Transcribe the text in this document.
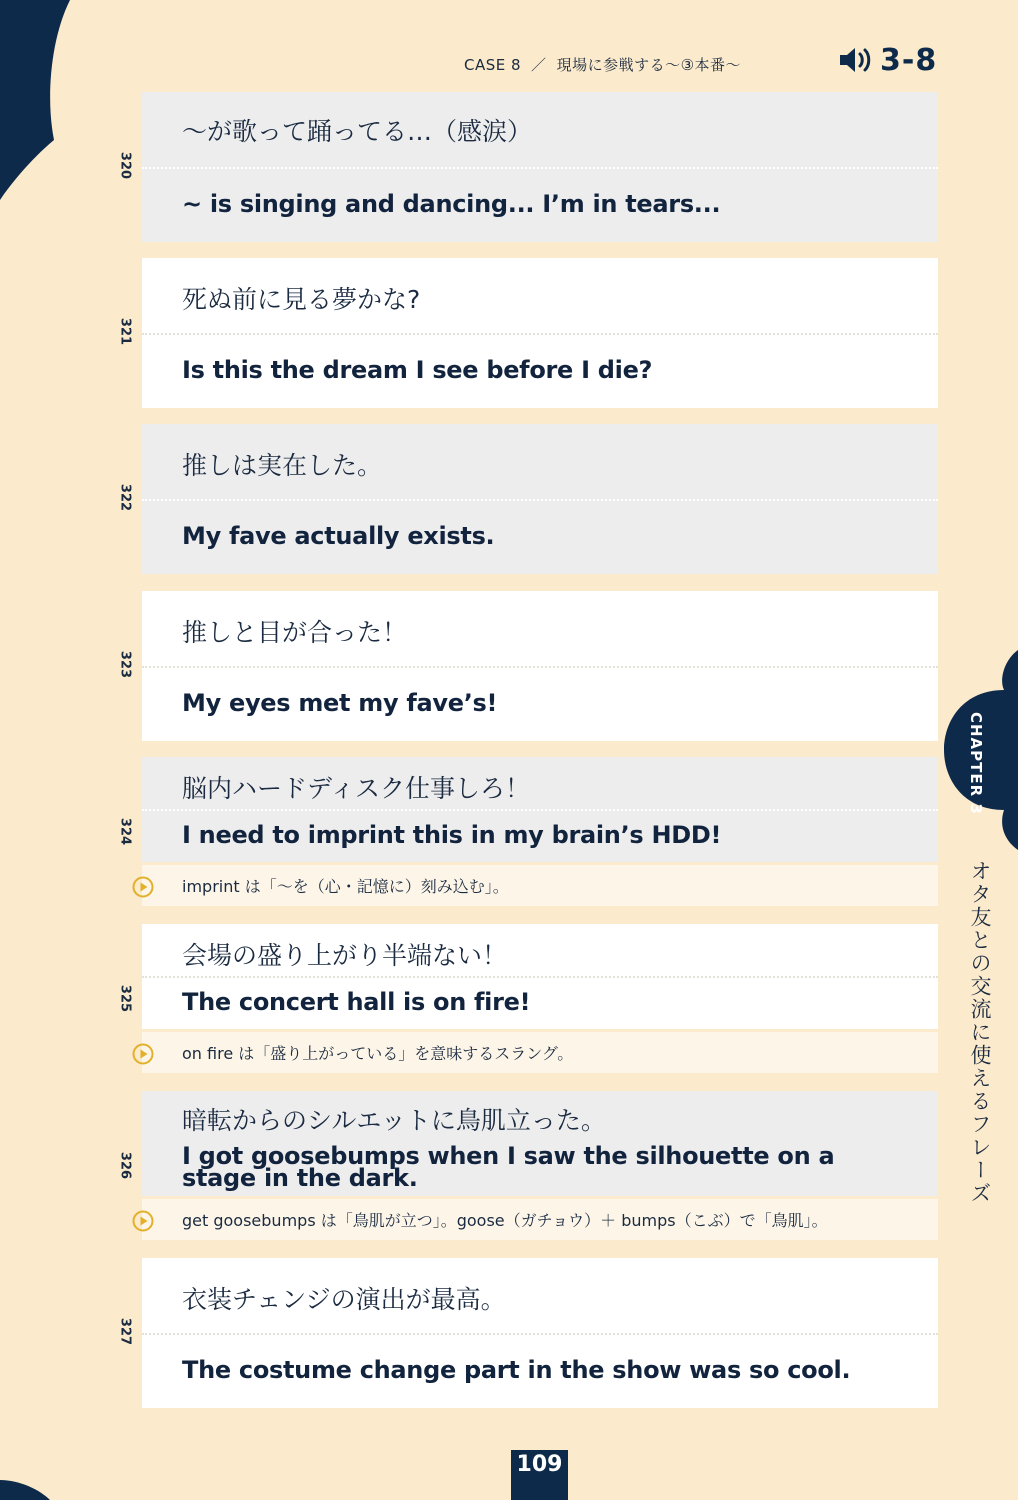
CASE 8 ／ 現場に参戦する〜③本番〜	3-8
〜が歌って踊ってる…（感涙）
~ is singing and dancing... I’m in tears...
320
死ぬ前に見る夢かな?
Is this the dream I see before I die?
321
推しは実在した。
My fave actually exists.
322
推しと目が合った！
My eyes met my fave’s!
323
脳内ハードディスク仕事しろ！
I need to imprint this in my brain’s HDD!
imprint は「〜を（心・記憶に）刻み込む」。
324
会場の盛り上がり半端ない！
The concert hall is on fire!
on fire は「盛り上がっている」を意味するスラング。
325
暗転からのシルエットに鳥肌立った。
I got goosebumps when I saw the silhouette on a stage in the dark.
get goosebumps は「鳥肌が立つ」。goose（ガチョウ）＋ bumps（こぶ）で「鳥肌」。
326
衣装チェンジの演出が最高。
The costume change part in the show was so cool.
327
CHAPTER 3
オタ友との交流に使えるフレーズ
109
